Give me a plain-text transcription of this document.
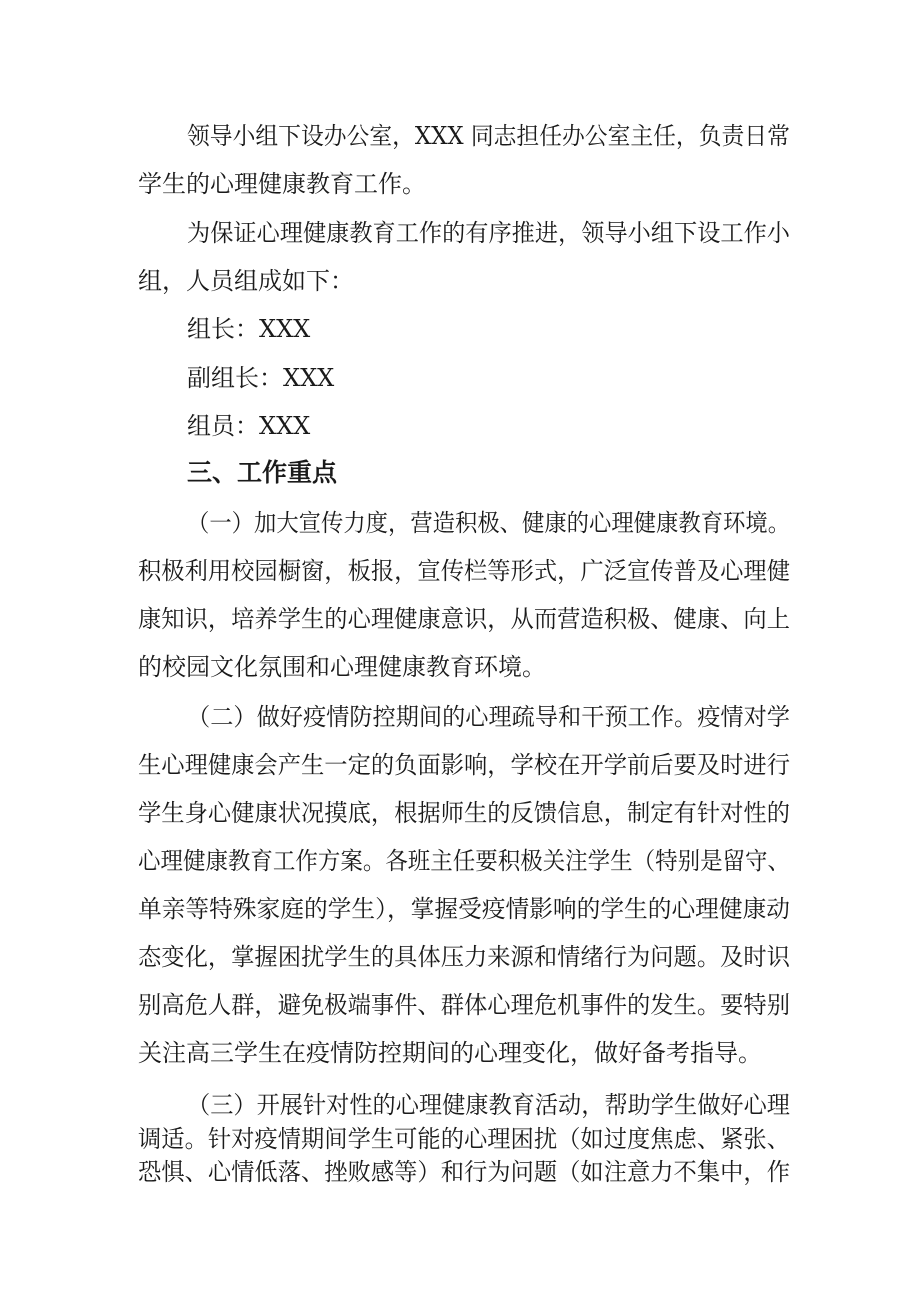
领导小组下设办公室，XXX 同志担任办公室主任，负责日常
学生的心理健康教育工作。
为保证心理健康教育工作的有序推进，领导小组下设工作小
组，人员组成如下：
组长：XXX
副组长：XXX
组员：XXX
三、工作重点
（一）加大宣传力度，营造积极、健康的心理健康教育环境。
积极利用校园橱窗，板报，宣传栏等形式，广泛宣传普及心理健
康知识，培养学生的心理健康意识，从而营造积极、健康、向上
的校园文化氛围和心理健康教育环境。
（二）做好疫情防控期间的心理疏导和干预工作。疫情对学
生心理健康会产生一定的负面影响，学校在开学前后要及时进行
学生身心健康状况摸底，根据师生的反馈信息，制定有针对性的
心理健康教育工作方案。各班主任要积极关注学生（特别是留守、
单亲等特殊家庭的学生），掌握受疫情影响的学生的心理健康动
态变化，掌握困扰学生的具体压力来源和情绪行为问题。及时识
别高危人群，避免极端事件、群体心理危机事件的发生。要特别
关注高三学生在疫情防控期间的心理变化，做好备考指导。
（三）开展针对性的心理健康教育活动，帮助学生做好心理
调适。针对疫情期间学生可能的心理困扰（如过度焦虑、紧张、
恐惧、心情低落、挫败感等）和行为问题（如注意力不集中，作
